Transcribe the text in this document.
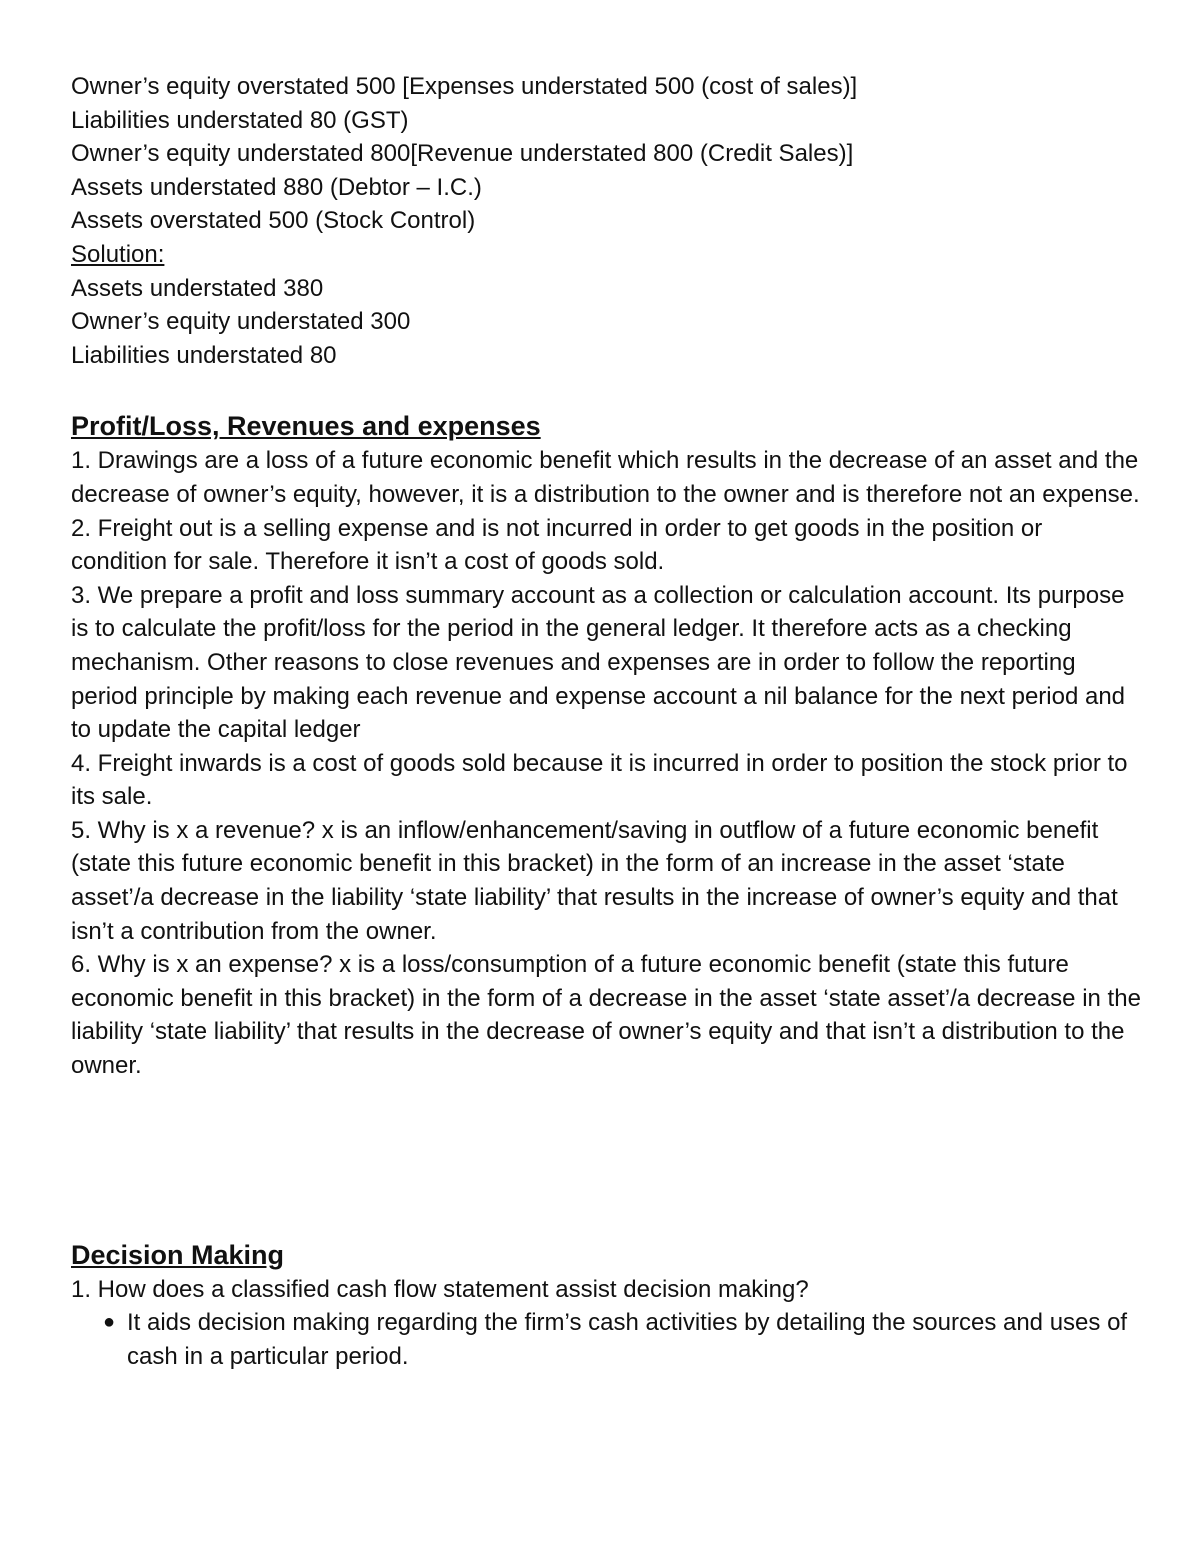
Owner’s equity overstated 500 [Expenses understated 500 (cost of sales)]

Liabilities understated 80 (GST)

Owner’s equity understated 800[Revenue understated 800 (Credit Sales)]

Assets understated 880 (Debtor – I.C.)

Assets overstated 500 (Stock Control)

Solution:

Assets understated 380

Owner’s equity understated 300

Liabilities understated 80

Profit/Loss, Revenues and expenses

1. Drawings are a loss of a future economic benefit which results in the decrease of an asset and the decrease of owner’s equity, however, it is a distribution to the owner and is therefore not an expense.

2. Freight out is a selling expense and is not incurred in order to get goods in the position or condition for sale. Therefore it isn’t a cost of goods sold.

3. We prepare a profit and loss summary account as a collection or calculation account. Its purpose is to calculate the profit/loss for the period in the general ledger. It therefore acts as a checking mechanism. Other reasons to close revenues and expenses are in order to follow the reporting period principle by making each revenue and expense account a nil balance for the next period and to update the capital ledger

4. Freight inwards is a cost of goods sold because it is incurred in order to position the stock prior to its sale.

5. Why is x a revenue? x is an inflow/enhancement/saving in outflow of a future economic benefit (state this future economic benefit in this bracket) in the form of an increase in the asset ‘state asset’/a decrease in the liability ‘state liability’ that results in the increase of owner’s equity and that isn’t a contribution from the owner.

6. Why is x an expense? x is a loss/consumption of a future economic benefit (state this future economic benefit in this bracket) in the form of a decrease in the asset ‘state asset’/a decrease in the liability ‘state liability’ that results in the decrease of owner’s equity and that isn’t a distribution to the owner.

Decision Making

1. How does a classified cash flow statement assist decision making?

● It aids decision making regarding the firm’s cash activities by detailing the sources and uses of cash in a particular period.
